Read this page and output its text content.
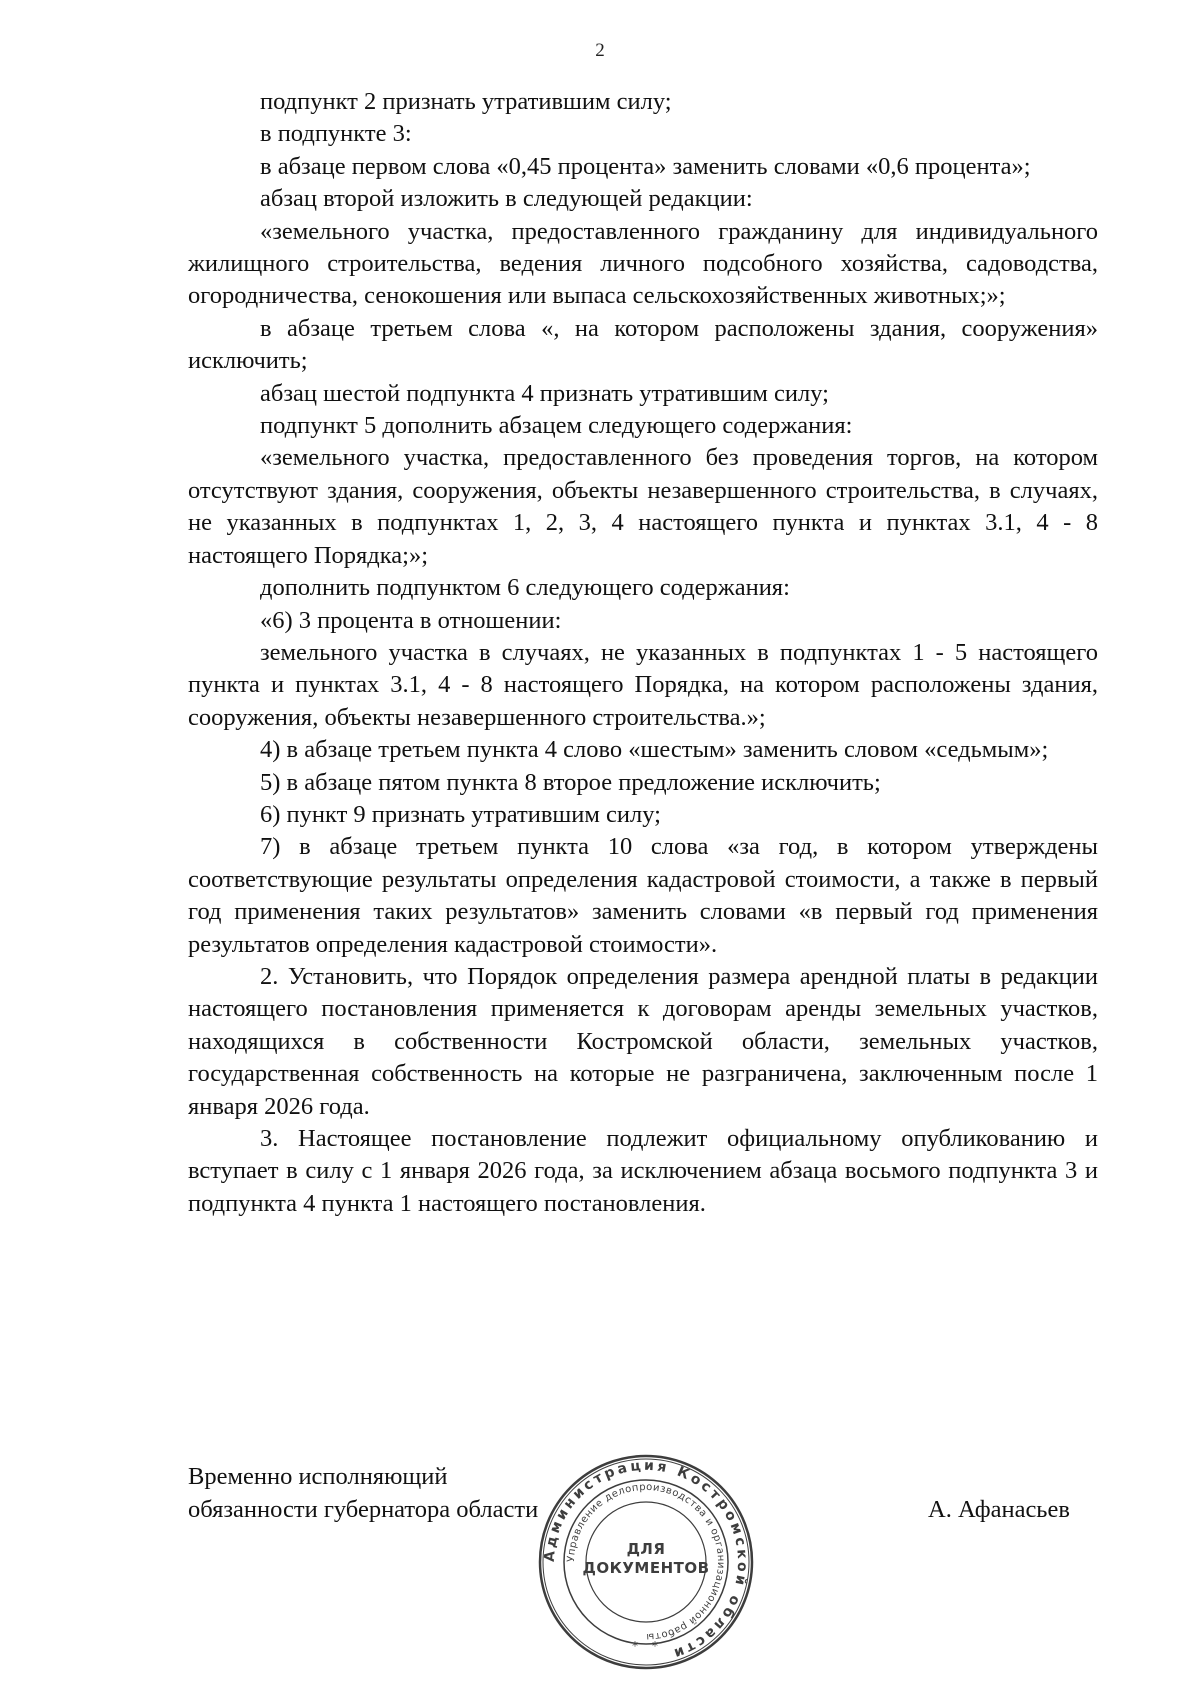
2

подпункт 2 признать утратившим силу;

в подпункте 3:

в абзаце первом слова «0,45 процента» заменить словами «0,6 процента»;

абзац второй изложить в следующей редакции:

«земельного участка, предоставленного гражданину для индивидуального жилищного строительства, ведения личного подсобного хозяйства, садоводства, огородничества, сенокошения или выпаса сельскохозяйственных животных;»;

в абзаце третьем слова «, на котором расположены здания, сооружения» исключить;

абзац шестой подпункта 4 признать утратившим силу;

подпункт 5 дополнить абзацем следующего содержания:

«земельного участка, предоставленного без проведения торгов, на котором отсутствуют здания, сооружения, объекты незавершенного строительства, в случаях, не указанных в подпунктах 1, 2, 3, 4 настоящего пункта и пунктах 3.1, 4 - 8 настоящего Порядка;»;

дополнить подпунктом 6 следующего содержания:

«6) 3 процента в отношении:

земельного участка в случаях, не указанных в подпунктах 1 - 5 настоящего пункта и пунктах 3.1, 4 - 8 настоящего Порядка, на котором расположены здания, сооружения, объекты незавершенного строительства.»;

4) в абзаце третьем пункта 4 слово «шестым» заменить словом «седьмым»;

5) в абзаце пятом пункта 8 второе предложение исключить;

6) пункт 9 признать утратившим силу;

7) в абзаце третьем пункта 10 слова «за год, в котором утверждены соответствующие результаты определения кадастровой стоимости, а также в первый год применения таких результатов» заменить словами «в первый год применения результатов определения кадастровой стоимости».

2. Установить, что Порядок определения размера арендной платы в редакции настоящего постановления применяется к договорам аренды земельных участков, находящихся в собственности Костромской области, земельных участков, государственная собственность на которые не разграничена, заключенным после 1 января 2026 года.

3. Настоящее постановление подлежит официальному опубликованию и вступает в силу с 1 января 2026 года, за исключением абзаца восьмого подпункта 3 и подпункта 4 пункта 1 настоящего постановления.

Временно исполняющий
обязанности губернатора области	А. Афанасьев
Администрация Костромской области
Управление делопроизводства и организационной работы
* *
ДЛЯ
ДОКУМЕНТОВ
